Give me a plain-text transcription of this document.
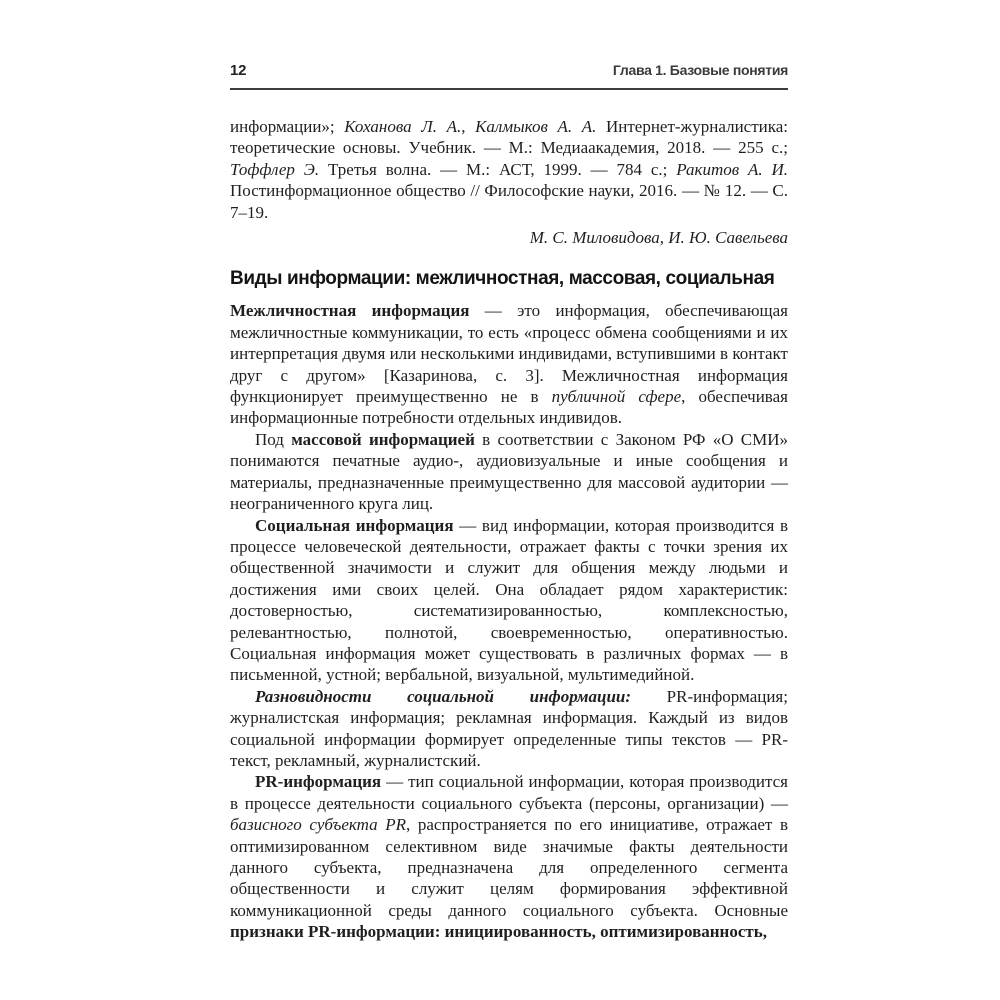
12	Глава 1. Базовые понятия

информации»; Коханова Л. А., Калмыков А. А. Интернет-журналистика: теоретические основы. Учебник. — М.: Медиаакадемия, 2018. — 255 с.; Тоффлер Э. Третья волна. — М.: АСТ, 1999. — 784 с.; Ракитов А. И. Постинформационное общество // Философские науки, 2016. — № 12. — С. 7–19.

М. С. Миловидова, И. Ю. Савельева

Виды информации: межличностная, массовая, социальная

Межличностная информация — это информация, обеспечивающая межличностные коммуникации, то есть «процесс обмена сообщениями и их интерпретация двумя или несколькими индивидами, вступившими в контакт друг с другом» [Казаринова, с. 3]. Межличностная информация функционирует преимущественно не в публичной сфере, обеспечивая информационные потребности отдельных индивидов.

Под массовой информацией в соответствии с Законом РФ «О СМИ» понимаются печатные аудио-, аудиовизуальные и иные сообщения и материалы, предназначенные преимущественно для массовой аудитории — неограниченного круга лиц.

Социальная информация — вид информации, которая производится в процессе человеческой деятельности, отражает факты с точки зрения их общественной значимости и служит для общения между людьми и достижения ими своих целей. Она обладает рядом характеристик: достоверностью, систематизированностью, комплексностью, релевантностью, полнотой, своевременностью, оперативностью. Социальная информация может существовать в различных формах — в письменной, устной; вербальной, визуальной, мультимедийной.

Разновидности социальной информации: PR-информация; журналистская информация; рекламная информация. Каждый из видов социальной информации формирует определенные типы текстов — PR-текст, рекламный, журналистский.

PR-информация — тип социальной информации, которая производится в процессе деятельности социального субъекта (персоны, организации) — базисного субъекта PR, распространяется по его инициативе, отражает в оптимизированном селективном виде значимые факты деятельности данного субъекта, предназначена для определенного сегмента общественности и служит целям формирования эффективной коммуникационной среды данного социального субъекта. Основные признаки PR-информации: инициированность, оптимизированность,
